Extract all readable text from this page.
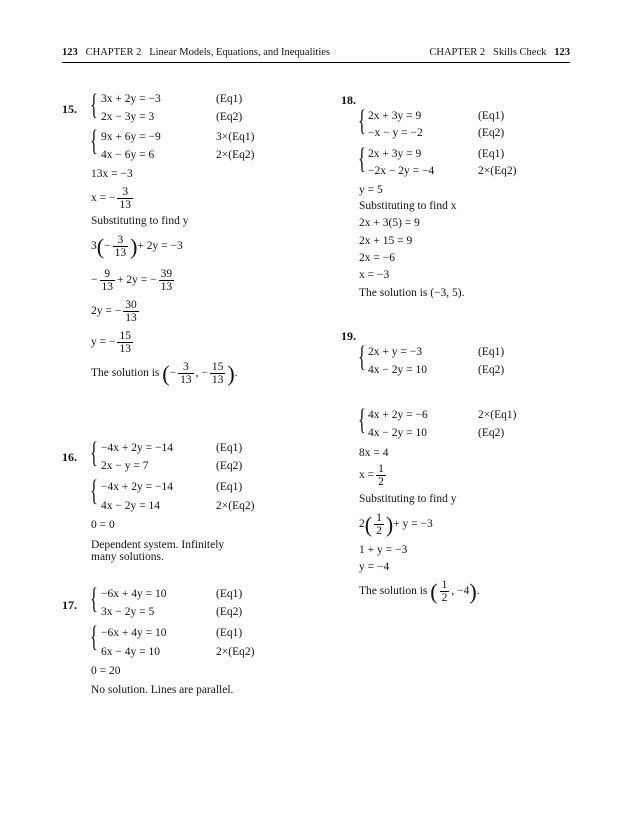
123 CHAPTER 2 Linear Models, Equations, and Inequalities	CHAPTER 2 Skills Check 123
15. { 3x + 2y = −3	(Eq1)
2x − 3y = 3	(Eq2)
{ 9x + 6y = −9	3×(Eq1)
4x − 6y = 6	2×(Eq2)
13x = −3
x = − $\frac{3}{13}$
Substituting to find y
$3(- \frac{3}{13}$ )+ 2y = −3
− $\frac{9}{13} + 2y$ = − $\frac{39}{13}$
2y = − $\frac{30}{13}$
y = − $\frac{15}{13}$
The solution is (− $\frac{3}{13}$ , − $\frac{15}{13}$ ).
16. { −4x + 2y = −14	(Eq1)
2x − y = 7	(Eq2)
{ −4x + 2y = −14	(Eq1)
4x − 2y = 14	2×(Eq2)
0 = 0
Dependent system. Infinitely
many solutions.
17. { −6x + 4y = 10	(Eq1)
3x − 2y = 5	(Eq2)
{ −6x + 4y = 10	(Eq1)
6x − 4y = 10	2×(Eq2)
0 = 20
No solution. Lines are parallel.
18.
{ 2x + 3y = 9	(Eq1)
−x − y = −2	(Eq2)
{ 2x + 3y = 9	(Eq1)
−2x − 2y = −4	2×(Eq2)
y = 5
Substituting to find x
2x + 3(5) = 9
2x + 15 = 9
2x = −6
x = −3
The solution is (−3, 5).
19.
{ 2x + y = −3	(Eq1)
4x − 2y = 10	(Eq2)
{ 4x + 2y = −6	2×(Eq1)
4x − 2y = 10	(Eq2)
8x = 4
$x = \frac{1}{2}$
Substituting to find y
$2( \frac{1}{2}$ )+ y = −3
1 + y = −3
y = −4
The solution is ( $\frac{1}{2}$ , −4).
